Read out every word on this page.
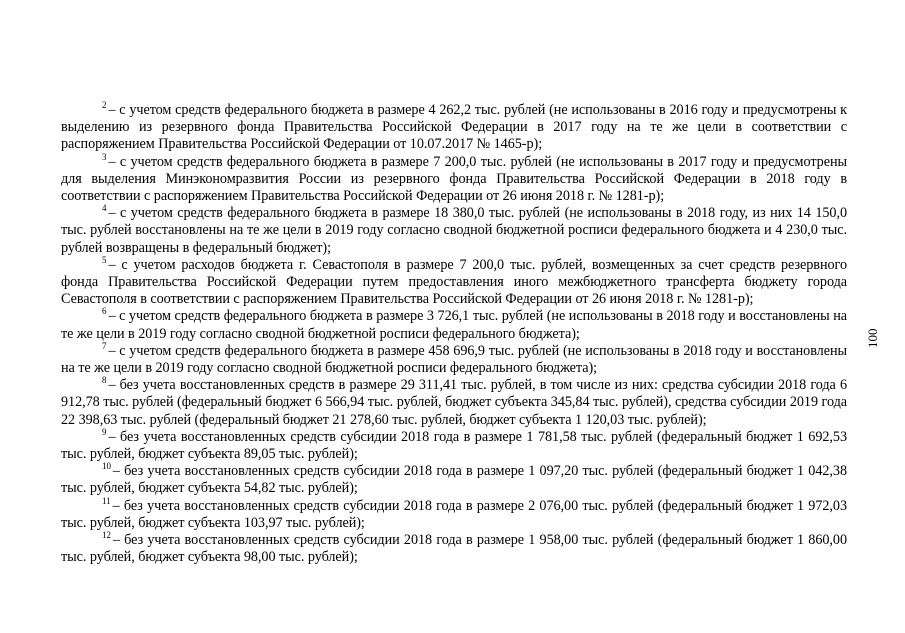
$^2$ – с учетом средств федерального бюджета в размере 4 262,2 тыс. рублей (не использованы в 2016 году и предусмотрены к выделению из резервного фонда Правительства Российской Федерации в 2017 году на те же цели в соответствии с распоряжением Правительства Российской Федерации от 10.07.2017 № 1465-р);

$^3$ – с учетом средств федерального бюджета в размере 7 200,0 тыс. рублей (не использованы в 2017 году и предусмотрены для выделения Минэкономразвития России из резервного фонда Правительства Российской Федерации в 2018 году в соответствии с распоряжением Правительства Российской Федерации от 26 июня 2018 г. № 1281-р);

$^4$ – с учетом средств федерального бюджета в размере 18 380,0 тыс. рублей (не использованы в 2018 году, из них 14 150,0 тыс. рублей восстановлены на те же цели в 2019 году согласно сводной бюджетной росписи федерального бюджета и 4 230,0 тыс. рублей возвращены в федеральный бюджет);

$^5$ – с учетом расходов бюджета г. Севастополя в размере 7 200,0 тыс. рублей, возмещенных за счет средств резервного фонда Правительства Российской Федерации путем предоставления иного межбюджетного трансферта бюджету города Севастополя в соответствии с распоряжением Правительства Российской Федерации от 26 июня 2018 г. № 1281-р);

$^6$ – с учетом средств федерального бюджета в размере 3 726,1 тыс. рублей (не использованы в 2018 году и восстановлены на те же цели в 2019 году согласно сводной бюджетной росписи федерального бюджета);

$^7$ – с учетом средств федерального бюджета в размере 458 696,9 тыс. рублей (не использованы в 2018 году и восстановлены на те же цели в 2019 году согласно сводной бюджетной росписи федерального бюджета);

$^8$ – без учета восстановленных средств в размере 29 311,41 тыс. рублей, в том числе из них: средства субсидии 2018 года 6 912,78 тыс. рублей (федеральный бюджет 6 566,94 тыс. рублей, бюджет субъекта 345,84 тыс. рублей), средства субсидии 2019 года 22 398,63 тыс. рублей (федеральный бюджет 21 278,60 тыс. рублей, бюджет субъекта 1 120,03 тыс. рублей);

$^9$ – без учета восстановленных средств субсидии 2018 года в размере 1 781,58 тыс. рублей (федеральный бюджет 1 692,53 тыс. рублей, бюджет субъекта 89,05 тыс. рублей);

$^{10}$ – без учета восстановленных средств субсидии 2018 года в размере 1 097,20 тыс. рублей (федеральный бюджет 1 042,38 тыс. рублей, бюджет субъекта 54,82 тыс. рублей);

$^{11}$ – без учета восстановленных средств субсидии 2018 года в размере 2 076,00 тыс. рублей (федеральный бюджет 1 972,03 тыс. рублей, бюджет субъекта 103,97 тыс. рублей);

$^{12}$ – без учета восстановленных средств субсидии 2018 года в размере 1 958,00 тыс. рублей (федеральный бюджет 1 860,00 тыс. рублей, бюджет субъекта 98,00 тыс. рублей);

100
